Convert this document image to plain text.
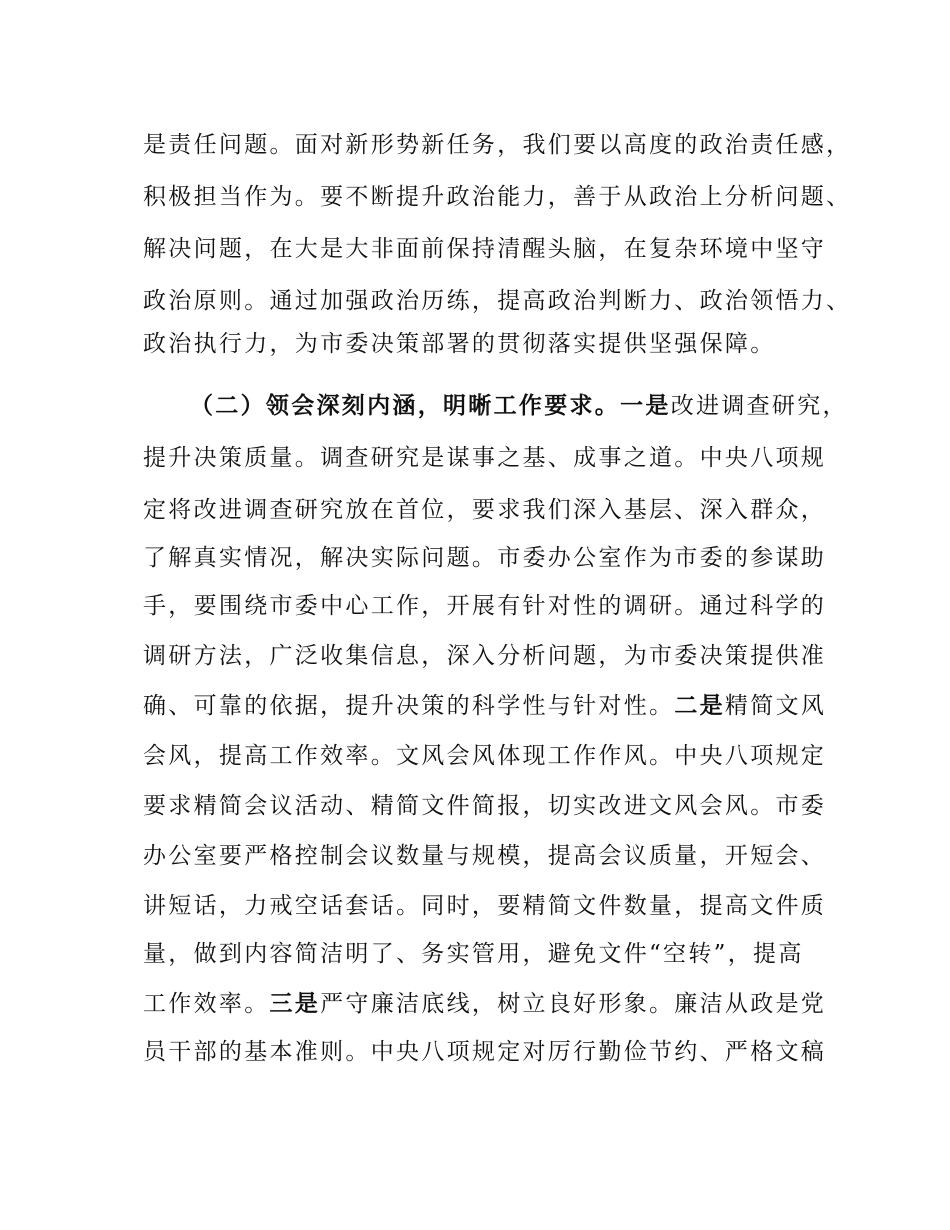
是责任问题。面对新形势新任务，我们要以高度的政治责任感，
积极担当作为。要不断提升政治能力，善于从政治上分析问题、
解决问题，在大是大非面前保持清醒头脑，在复杂环境中坚守
政治原则。通过加强政治历练，提高政治判断力、政治领悟力、
政治执行力，为市委决策部署的贯彻落实提供坚强保障。
（二）领会深刻内涵，明晰工作要求。一是改进调查研究，
提升决策质量。调查研究是谋事之基、成事之道。中央八项规
定将改进调查研究放在首位，要求我们深入基层、深入群众，
了解真实情况，解决实际问题。市委办公室作为市委的参谋助
手，要围绕市委中心工作，开展有针对性的调研。通过科学的
调研方法，广泛收集信息，深入分析问题，为市委决策提供准
确、可靠的依据，提升决策的科学性与针对性。二是精简文风
会风，提高工作效率。文风会风体现工作作风。中央八项规定
要求精简会议活动、精简文件简报，切实改进文风会风。市委
办公室要严格控制会议数量与规模，提高会议质量，开短会、
讲短话，力戒空话套话。同时，要精简文件数量，提高文件质
量，做到内容简洁明了、务实管用，避免文件“空转”，提高
工作效率。三是严守廉洁底线，树立良好形象。廉洁从政是党
员干部的基本准则。中央八项规定对厉行勤俭节约、严格文稿
